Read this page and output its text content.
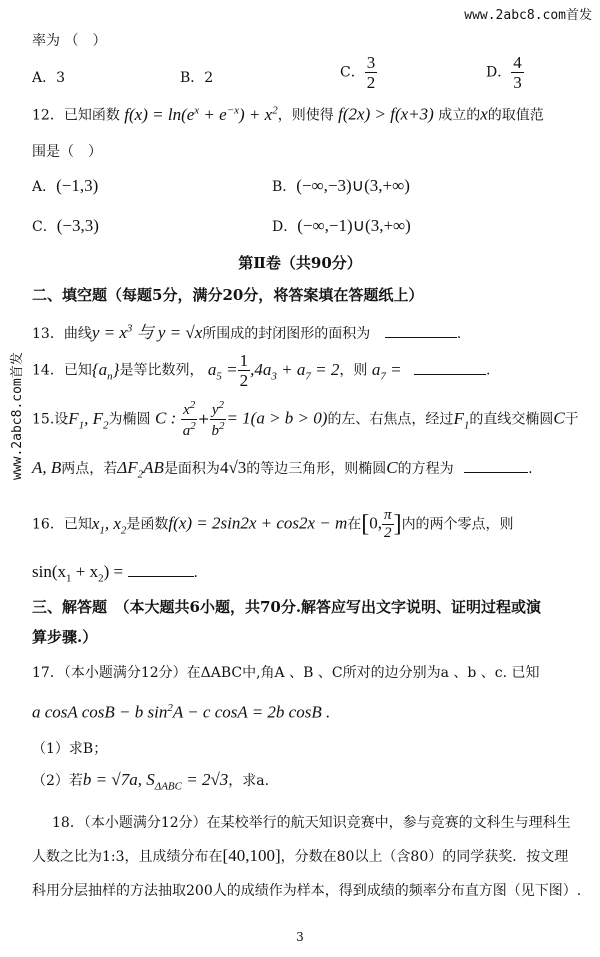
www.2abc8.com首发
www.2abc8.com首发
率为 （　）
A．3	B．2	C． $\frac{3}{2}$	D． $\frac{4}{3}$
12．已知函数 $f(x) = \ln(e^x + e^{-x}) + x^2$，则使得 f(2x) > f(x+3) 成立的x的取值范
围是（　）
A．(−1,3)	B．(−∞,−3)∪(3,+∞)
C．(−3,3)	D．(−∞,−1)∪(3,+∞)
第Ⅱ卷（共90分）
二、填空题（每题5分，满分20分，将答案填在答题纸上）
13．曲线$y = x^3$ 与 y = √x所围成的封闭图形的面积为	.
14．已知$\{a_n\}$是等比数列， $a_5 = \frac{1}{2} ,4a_3 + a_7 = 2$，则 $a_7$ =	.
15.设$F_1$, $F_2$为椭圆 C : $\frac{x^2}{a^2} + \frac{y^2}{b^2} = 1(a > b > 0)$的左、右焦点，经过$F_1$的直线交椭圆C于
A, B两点，若$\Delta F_2AB$是面积为4√3的等边三角形，则椭圆C的方程为	.
16．已知$x_1$, $x_2$是函数f(x) = 2sin2x + cos2x − m在[0, $\frac{\pi}{2}$ ]内的两个零点，则
$\sin(x_1 + x_2)$ =	.
三、解答题　（本大题共6小题，共70分.解答应写出文字说明、证明过程或演
算步骤.）
17．（本小题满分12分）在ΔABC中,角A 、B 、C所对的边分别为a 、b 、c. 已知
a cosA cosB − b $\sin^2A - c$ cosA = 2b cosB .
（1）求B；
（2）若b = √7a, $S_{\Delta ABC} = 2√3$，求a.
18．（本小题满分12分）在某校举行的航天知识竞赛中，参与竞赛的文科生与理科生
人数之比为1:3，且成绩分布在[40,100]，分数在80以上（含80）的同学获奖．按文理
科用分层抽样的方法抽取200人的成绩作为样本，得到成绩的频率分布直方图（见下图）.
3
